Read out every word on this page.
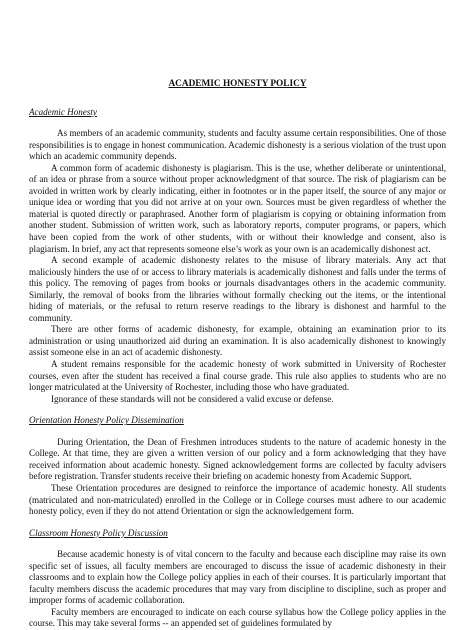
ACADEMIC HONESTY POLICY
Academic Honesty

As members of an academic community, students and faculty assume certain responsibilities. One of those responsibilities is to engage in honest communication. Academic dishonesty is a serious violation of the trust upon which an academic community depends.

A common form of academic dishonesty is plagiarism. This is the use, whether deliberate or unintentional, of an idea or phrase from a source without proper acknowledgment of that source. The risk of plagiarism can be avoided in written work by clearly indicating, either in footnotes or in the paper itself, the source of any major or unique idea or wording that you did not arrive at on your own. Sources must be given regardless of whether the material is quoted directly or paraphrased. Another form of plagiarism is copying or obtaining information from another student. Submission of written work, such as laboratory reports, computer programs, or papers, which have been copied from the work of other students, with or without their knowledge and consent, also is plagiarism. In brief, any act that represents someone else’s work as your own is an academically dishonest act.

A second example of academic dishonesty relates to the misuse of library materials. Any act that maliciously hinders the use of or access to library materials is academically dishonest and falls under the terms of this policy. The removing of pages from books or journals disadvantages others in the academic community. Similarly, the removal of books from the libraries without formally checking out the items, or the intentional hiding of materials, or the refusal to return reserve readings to the library is dishonest and harmful to the community.

There are other forms of academic dishonesty, for example, obtaining an examination prior to its administration or using unauthorized aid during an examination. It is also academically dishonest to knowingly assist someone else in an act of academic dishonesty.

A student remains responsible for the academic honesty of work submitted in University of Rochester courses, even after the student has received a final course grade. This rule also applies to students who are no longer matriculated at the University of Rochester, including those who have graduated.

Ignorance of these standards will not be considered a valid excuse or defense.

Orientation Honesty Policy Dissemination

During Orientation, the Dean of Freshmen introduces students to the nature of academic honesty in the College. At that time, they are given a written version of our policy and a form acknowledging that they have received information about academic honesty. Signed acknowledgement forms are collected by faculty advisers before registration. Transfer students receive their briefing on academic honesty from Academic Support.

These Orientation procedures are designed to reinforce the importance of academic honesty. All students (matriculated and non-matriculated) enrolled in the College or in College courses must adhere to our academic honesty policy, even if they do not attend Orientation or sign the acknowledgement form.

Classroom Honesty Policy Discussion

Because academic honesty is of vital concern to the faculty and because each discipline may raise its own specific set of issues, all faculty members are encouraged to discuss the issue of academic dishonesty in their classrooms and to explain how the College policy applies in each of their courses. It is particularly important that faculty members discuss the academic procedures that may vary from discipline to discipline, such as proper and improper forms of academic collaboration.

Faculty members are encouraged to indicate on each course syllabus how the College policy applies in the course. This may take several forms -- an appended set of guidelines formulated by
